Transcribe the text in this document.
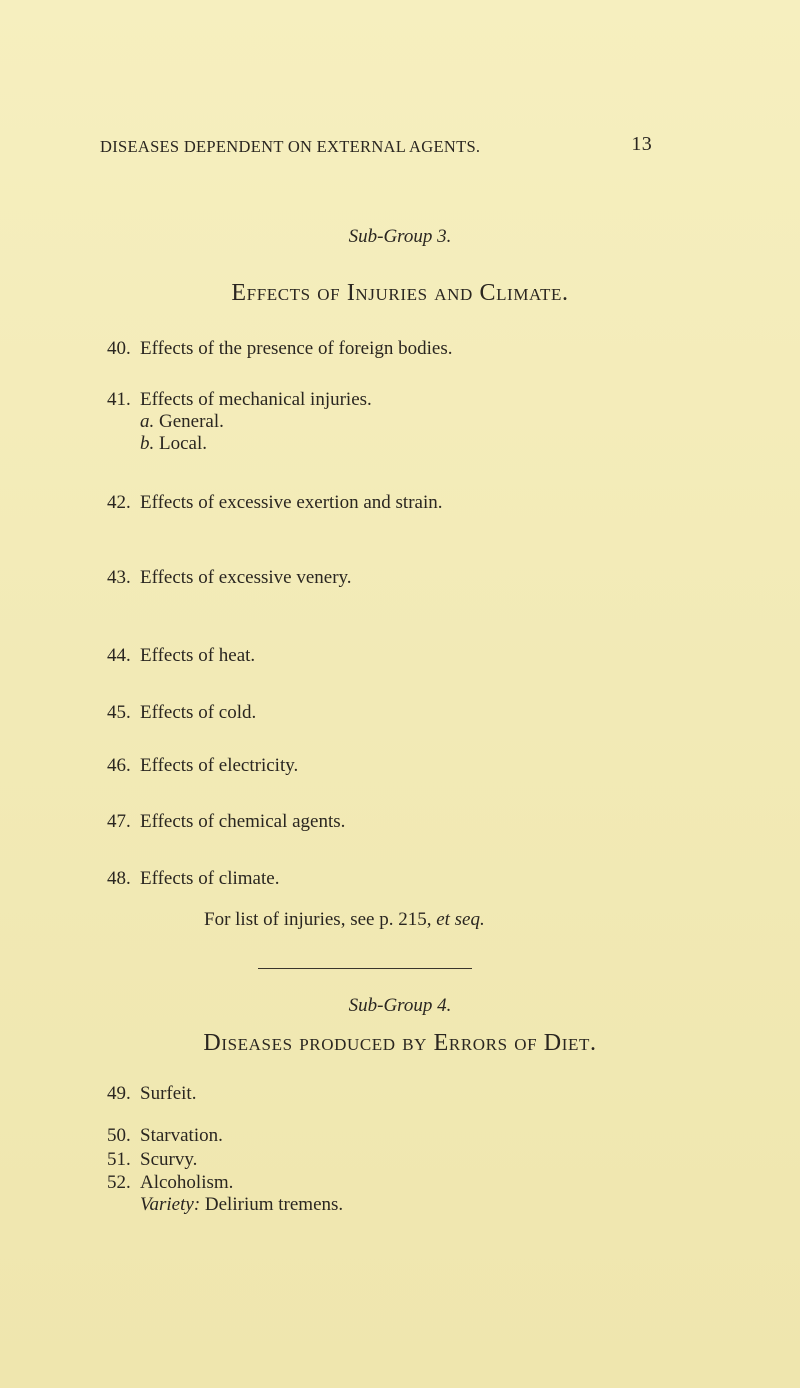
DISEASES DEPENDENT ON EXTERNAL AGENTS.	13
Sub-Group 3.
Effects of Injuries and Climate.
40. Effects of the presence of foreign bodies.
41. Effects of mechanical injuries.
a. General.
b. Local.
42. Effects of excessive exertion and strain.
43. Effects of excessive venery.
44. Effects of heat.
45. Effects of cold.
46. Effects of electricity.
47. Effects of chemical agents.
48. Effects of climate.
For list of injuries, see p. 215, et seq.
Sub-Group 4.
Diseases produced by Errors of Diet.
49. Surfeit.
50. Starvation.
51. Scurvy.
52. Alcoholism.
Variety: Delirium tremens.
